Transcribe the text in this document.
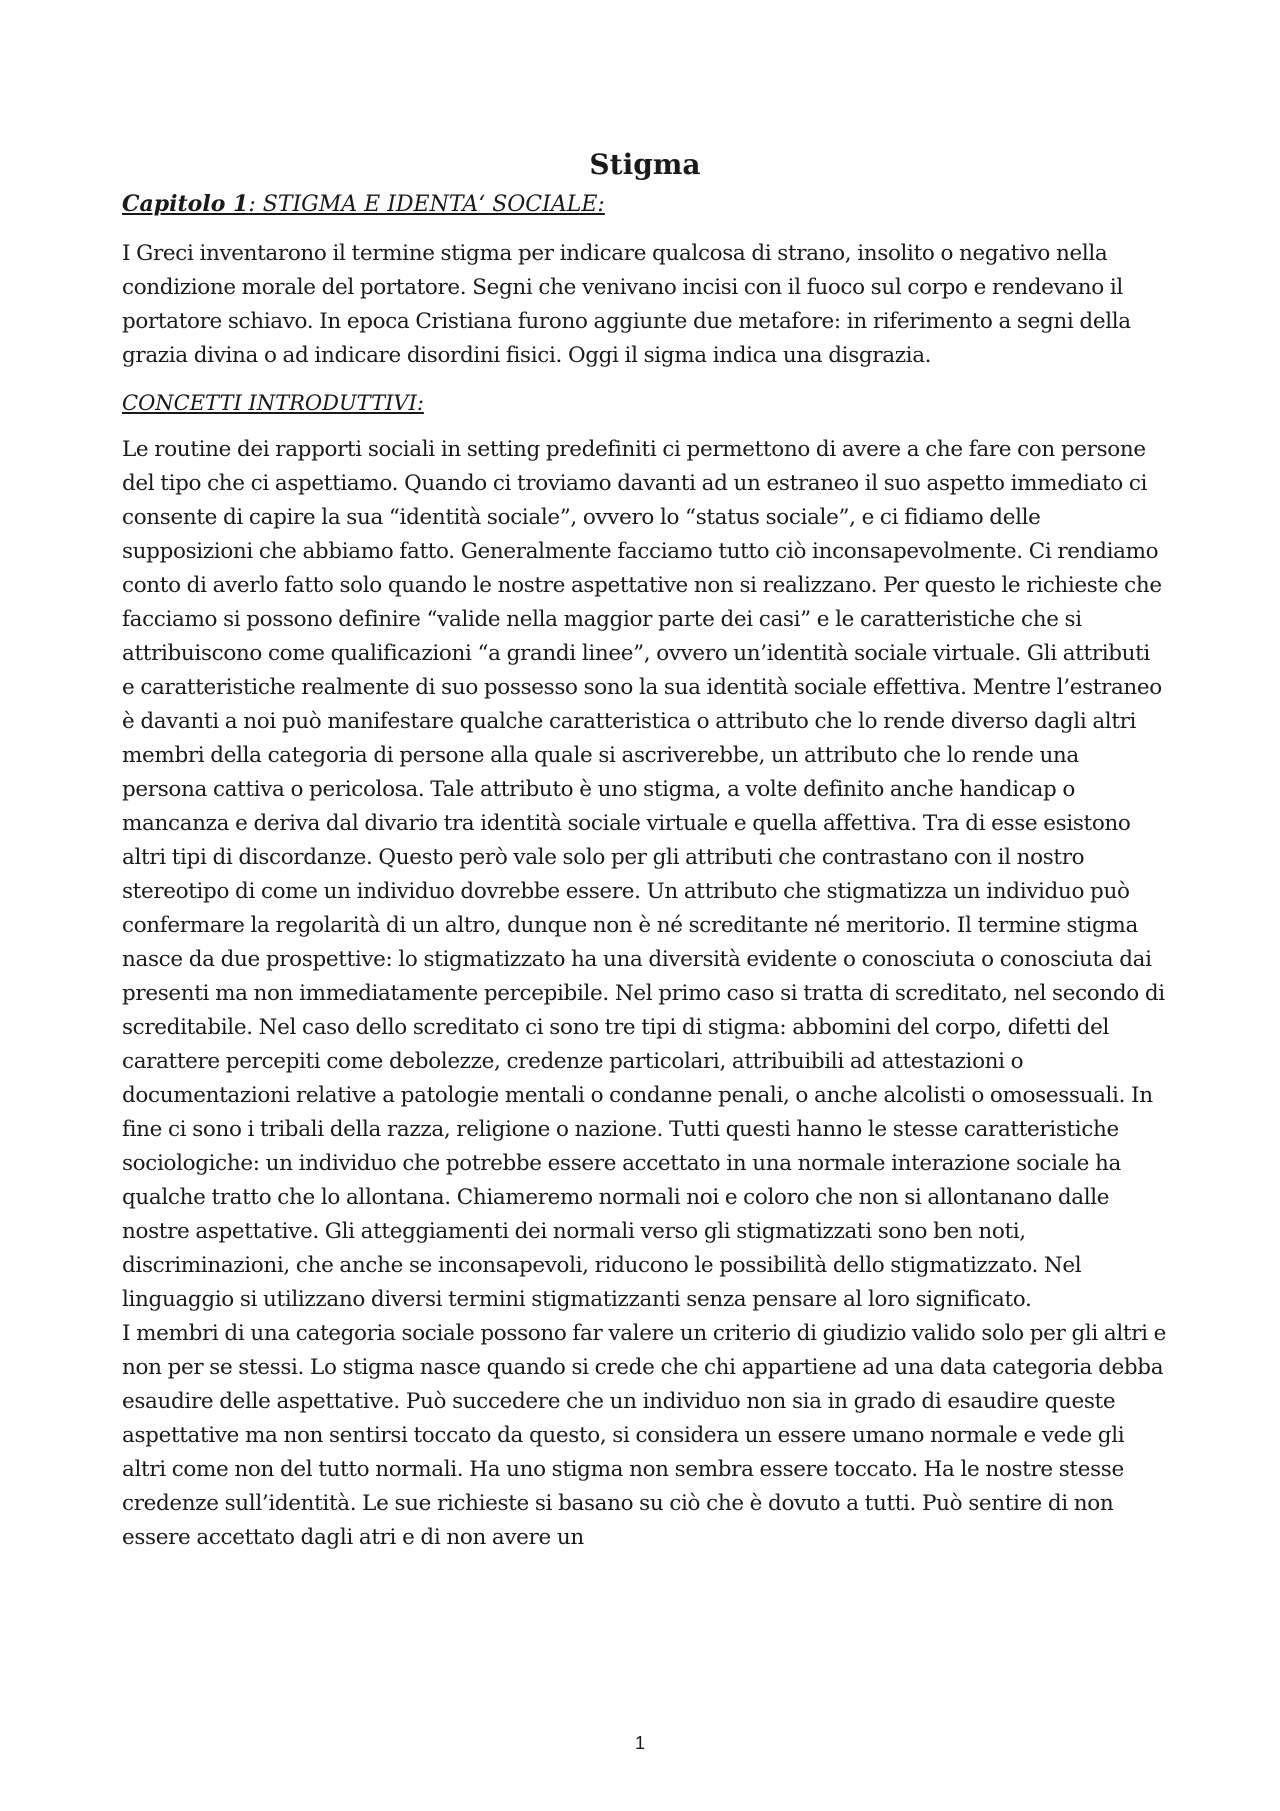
Stigma
Capitolo 1: STIGMA E IDENTA‘ SOCIALE:

I Greci inventarono il termine stigma per indicare qualcosa di strano, insolito o negativo nella condizione morale del portatore. Segni che venivano incisi con il fuoco sul corpo e rendevano il portatore schiavo. In epoca Cristiana furono aggiunte due metafore: in riferimento a segni della grazia divina o ad indicare disordini fisici. Oggi il sigma indica una disgrazia.

CONCETTI INTRODUTTIVI:

Le routine dei rapporti sociali in setting predefiniti ci permettono di avere a che fare con persone del tipo che ci aspettiamo. Quando ci troviamo davanti ad un estraneo il suo aspetto immediato ci consente di capire la sua “identità sociale”, ovvero lo “status sociale”, e ci fidiamo delle supposizioni che abbiamo fatto. Generalmente facciamo tutto ciò inconsapevolmente. Ci rendiamo conto di averlo fatto solo quando le nostre aspettative non si realizzano. Per questo le richieste che facciamo si possono definire “valide nella maggior parte dei casi” e le caratteristiche che si attribuiscono come qualificazioni “a grandi linee”, ovvero un’identità sociale virtuale. Gli attributi e caratteristiche realmente di suo possesso sono la sua identità sociale effettiva. Mentre l’estraneo è davanti a noi può manifestare qualche caratteristica o attributo che lo rende diverso dagli altri membri della categoria di persone alla quale si ascriverebbe, un attributo che lo rende una persona cattiva o pericolosa. Tale attributo è uno stigma, a volte definito anche handicap o mancanza e deriva dal divario tra identità sociale virtuale e quella affettiva. Tra di esse esistono altri tipi di discordanze. Questo però vale solo per gli attributi che contrastano con il nostro stereotipo di come un individuo dovrebbe essere. Un attributo che stigmatizza un individuo può confermare la regolarità di un altro, dunque non è né screditante né meritorio. Il termine stigma nasce da due prospettive: lo stigmatizzato ha una diversità evidente o conosciuta o conosciuta dai presenti ma non immediatamente percepibile. Nel primo caso si tratta di screditato, nel secondo di screditabile. Nel caso dello screditato ci sono tre tipi di stigma: abbomini del corpo, difetti del carattere percepiti come debolezze, credenze particolari, attribuibili ad attestazioni o documentazioni relative a patologie mentali o condanne penali, o anche alcolisti o omosessuali. In fine ci sono i tribali della razza, religione o nazione. Tutti questi hanno le stesse caratteristiche sociologiche: un individuo che potrebbe essere accettato in una normale interazione sociale ha qualche tratto che lo allontana. Chiameremo normali noi e coloro che non si allontanano dalle nostre aspettative. Gli atteggiamenti dei normali verso gli stigmatizzati sono ben noti, discriminazioni, che anche se inconsapevoli, riducono le possibilità dello stigmatizzato. Nel linguaggio si utilizzano diversi termini stigmatizzanti senza pensare al loro significato.

I membri di una categoria sociale possono far valere un criterio di giudizio valido solo per gli altri e non per se stessi. Lo stigma nasce quando si crede che chi appartiene ad una data categoria debba esaudire delle aspettative. Può succedere che un individuo non sia in grado di esaudire queste aspettative ma non sentirsi toccato da questo, si considera un essere umano normale e vede gli altri come non del tutto normali. Ha uno stigma non sembra essere toccato. Ha le nostre stesse credenze sull’identità. Le sue richieste si basano su ciò che è dovuto a tutti. Può sentire di non essere accettato dagli atri e di non avere un

1
